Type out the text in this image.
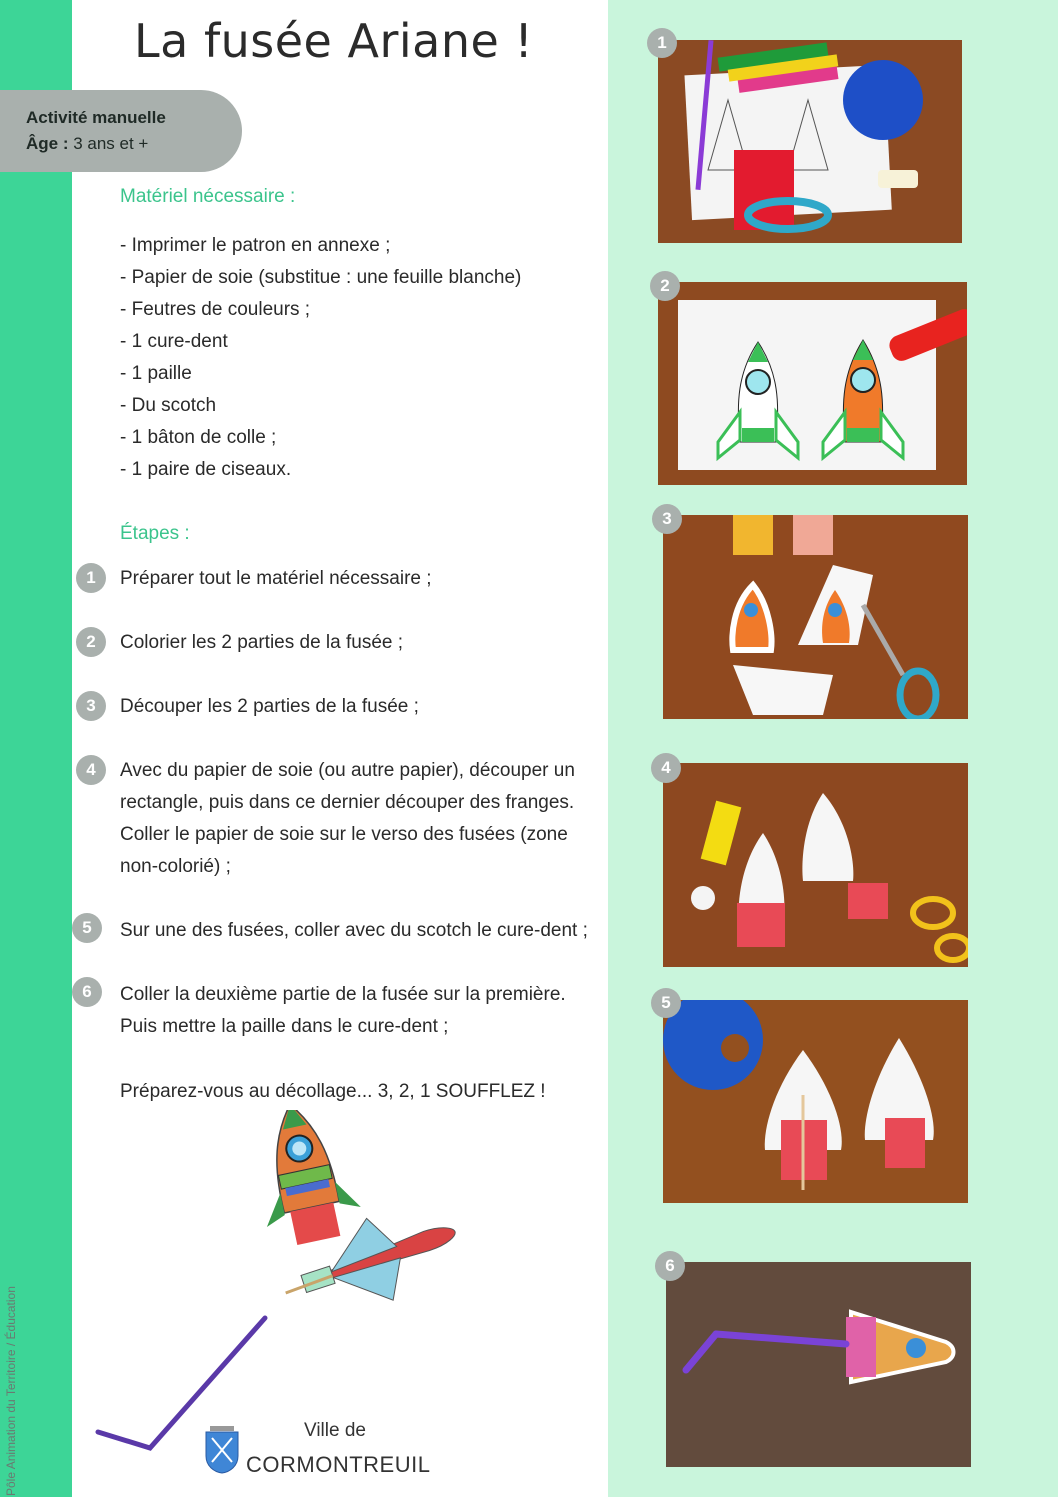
La fusée Ariane !
Activité manuelle
Âge : 3 ans et +
Matériel nécessaire :
- Imprimer le patron en annexe ;
- Papier de soie (substitue : une feuille blanche)
- Feutres de couleurs ;
- 1 cure-dent
- 1 paille
- Du scotch
- 1 bâton de colle ;
- 1 paire de ciseaux.
Étapes :
1	Préparer tout le matériel nécessaire ;
2	Colorier les 2 parties de la fusée ;
3	Découper les 2 parties de la fusée ;
4	Avec du papier de soie (ou autre papier), découper un rectangle, puis dans ce dernier découper des franges. Coller le papier de soie sur le verso des fusées (zone non-colorié) ;
5	Sur une des fusées, coller avec du scotch le cure-dent ;
6	Coller la deuxième partie de la fusée sur la première. Puis mettre la paille dans le cure-dent ;
Préparez-vous au décollage... 3, 2, 1 SOUFFLEZ !
1
2
3
4
5
6
Pôle Animation du Territoire / Éducation	Ville de
CORMONTREUIL
